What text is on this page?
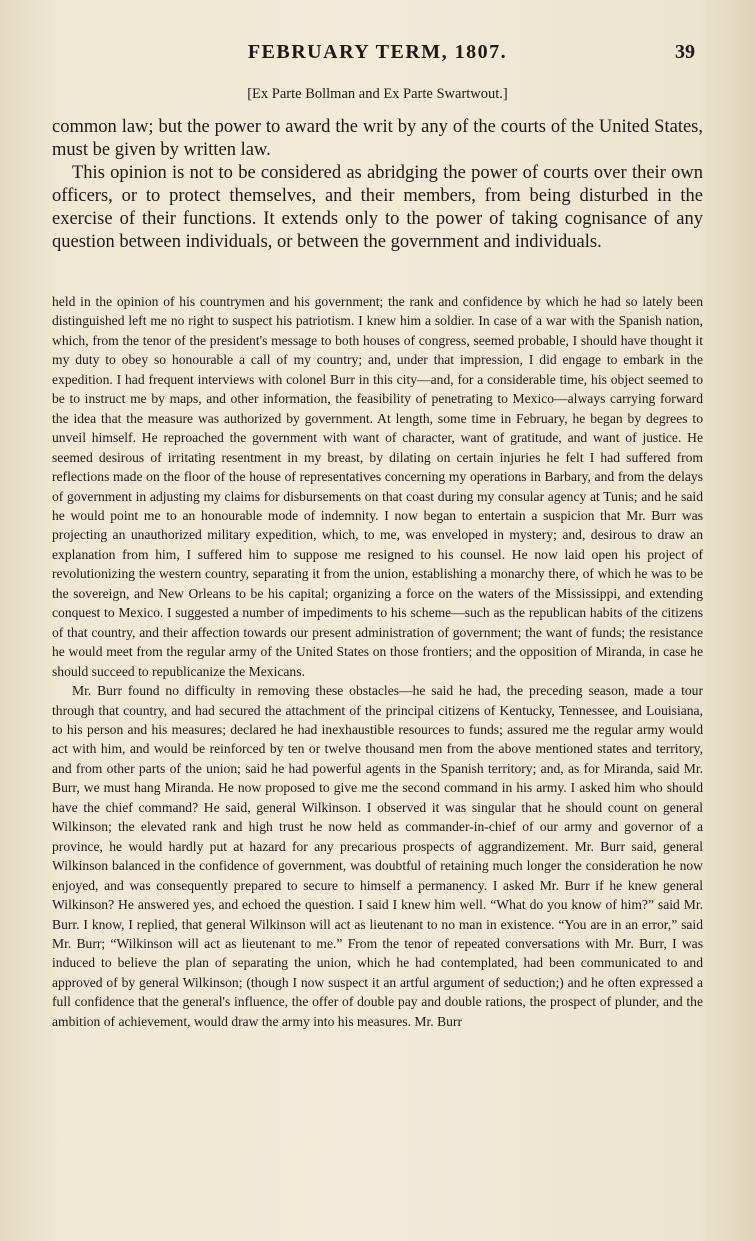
FEBRUARY TERM, 1807.	39
[Ex Parte Bollman and Ex Parte Swartwout.]

common law; but the power to award the writ by any of the courts of the United States, must be given by written law.

This opinion is not to be considered as abridging the power of courts over their own officers, or to protect themselves, and their members, from being disturbed in the exercise of their functions. It extends only to the power of taking cognisance of any question between individuals, or between the government and individuals.

held in the opinion of his countrymen and his government; the rank and confidence by which he had so lately been distinguished left me no right to suspect his patriotism. I knew him a soldier. In case of a war with the Spanish nation, which, from the tenor of the president's message to both houses of congress, seemed probable, I should have thought it my duty to obey so honourable a call of my country; and, under that impression, I did engage to embark in the expedition. I had frequent interviews with colonel Burr in this city—and, for a considerable time, his object seemed to be to instruct me by maps, and other information, the feasibility of penetrating to Mexico—always carrying forward the idea that the measure was authorized by government. At length, some time in February, he began by degrees to unveil himself. He reproached the government with want of character, want of gratitude, and want of justice. He seemed desirous of irritating resentment in my breast, by dilating on certain injuries he felt I had suffered from reflections made on the floor of the house of representatives concerning my operations in Barbary, and from the delays of government in adjusting my claims for disbursements on that coast during my consular agency at Tunis; and he said he would point me to an honourable mode of indemnity. I now began to entertain a suspicion that Mr. Burr was projecting an unauthorized military expedition, which, to me, was enveloped in mystery; and, desirous to draw an explanation from him, I suffered him to suppose me resigned to his counsel. He now laid open his project of revolutionizing the western country, separating it from the union, establishing a monarchy there, of which he was to be the sovereign, and New Orleans to be his capital; organizing a force on the waters of the Mississippi, and extending conquest to Mexico. I suggested a number of impediments to his scheme—such as the republican habits of the citizens of that country, and their affection towards our present administration of government; the want of funds; the resistance he would meet from the regular army of the United States on those frontiers; and the opposition of Miranda, in case he should succeed to republicanize the Mexicans.

Mr. Burr found no difficulty in removing these obstacles—he said he had, the preceding season, made a tour through that country, and had secured the attachment of the principal citizens of Kentucky, Tennessee, and Louisiana, to his person and his measures; declared he had inexhaustible resources to funds; assured me the regular army would act with him, and would be reinforced by ten or twelve thousand men from the above mentioned states and territory, and from other parts of the union; said he had powerful agents in the Spanish territory; and, as for Miranda, said Mr. Burr, we must hang Miranda. He now proposed to give me the second command in his army. I asked him who should have the chief command? He said, general Wilkinson. I observed it was singular that he should count on general Wilkinson; the elevated rank and high trust he now held as commander-in-chief of our army and governor of a province, he would hardly put at hazard for any precarious prospects of aggrandizement. Mr. Burr said, general Wilkinson balanced in the confidence of government, was doubtful of retaining much longer the consideration he now enjoyed, and was consequently prepared to secure to himself a permanency. I asked Mr. Burr if he knew general Wilkinson? He answered yes, and echoed the question. I said I knew him well. “What do you know of him?” said Mr. Burr. I know, I replied, that general Wilkinson will act as lieutenant to no man in existence. “You are in an error,” said Mr. Burr; “Wilkinson will act as lieutenant to me.” From the tenor of repeated conversations with Mr. Burr, I was induced to believe the plan of separating the union, which he had contemplated, had been communicated to and approved of by general Wilkinson; (though I now suspect it an artful argument of seduction;) and he often expressed a full confidence that the general's influence, the offer of double pay and double rations, the prospect of plunder, and the ambition of achievement, would draw the army into his measures. Mr. Burr
